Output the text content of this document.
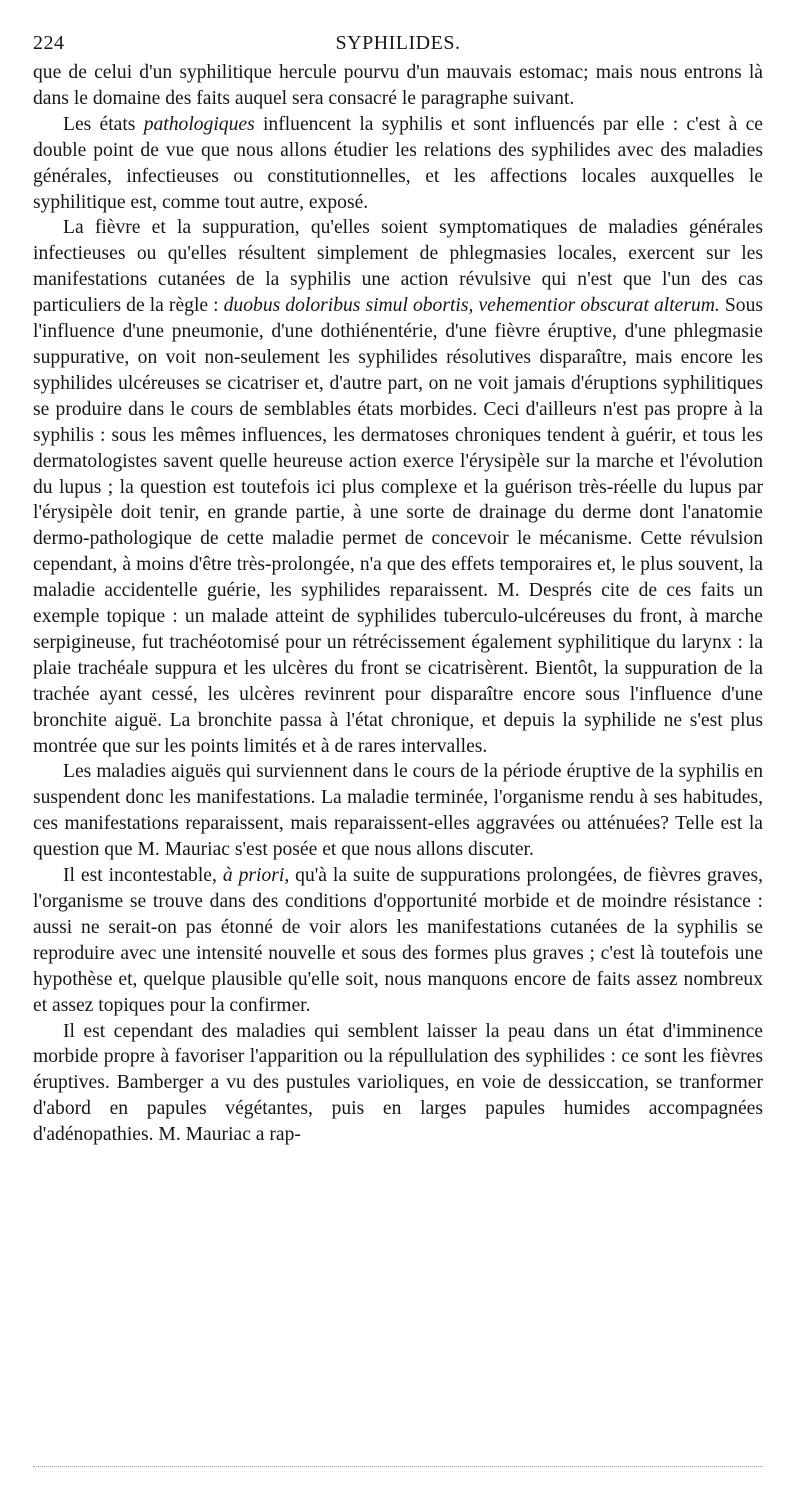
224	SYPHILIDES.

que de celui d'un syphilitique hercule pourvu d'un mauvais estomac; mais nous entrons là dans le domaine des faits auquel sera consacré le paragraphe suivant.

Les états pathologiques influencent la syphilis et sont influencés par elle : c'est à ce double point de vue que nous allons étudier les relations des syphilides avec des maladies générales, infectieuses ou constitutionnelles, et les affections locales auxquelles le syphilitique est, comme tout autre, exposé.

La fièvre et la suppuration, qu'elles soient symptomatiques de maladies générales infectieuses ou qu'elles résultent simplement de phlegmasies locales, exercent sur les manifestations cutanées de la syphilis une action révulsive qui n'est que l'un des cas particuliers de la règle : duobus doloribus simul obortis, vehementior obscurat alterum. Sous l'influence d'une pneumonie, d'une dothiénentérie, d'une fièvre éruptive, d'une phlegmasie suppurative, on voit non-seulement les syphilides résolutives disparaître, mais encore les syphilides ulcéreuses se cicatriser et, d'autre part, on ne voit jamais d'éruptions syphilitiques se produire dans le cours de semblables états morbides. Ceci d'ailleurs n'est pas propre à la syphilis : sous les mêmes influences, les dermatoses chroniques tendent à guérir, et tous les dermatologistes savent quelle heureuse action exerce l'érysipèle sur la marche et l'évolution du lupus ; la question est toutefois ici plus complexe et la guérison très-réelle du lupus par l'érysipèle doit tenir, en grande partie, à une sorte de drainage du derme dont l'anatomie dermo-pathologique de cette maladie permet de concevoir le mécanisme. Cette révulsion cependant, à moins d'être très-prolongée, n'a que des effets temporaires et, le plus souvent, la maladie accidentelle guérie, les syphilides reparaissent. M. Després cite de ces faits un exemple topique : un malade atteint de syphilides tuberculo-ulcéreuses du front, à marche serpigineuse, fut trachéotomisé pour un rétrécissement également syphilitique du larynx : la plaie trachéale suppura et les ulcères du front se cicatrisèrent. Bientôt, la suppuration de la trachée ayant cessé, les ulcères revinrent pour disparaître encore sous l'influence d'une bronchite aiguë. La bronchite passa à l'état chronique, et depuis la syphilide ne s'est plus montrée que sur les points limités et à de rares intervalles.

Les maladies aiguës qui surviennent dans le cours de la période éruptive de la syphilis en suspendent donc les manifestations. La maladie terminée, l'organisme rendu à ses habitudes, ces manifestations reparaissent, mais reparaissent-elles aggravées ou atténuées? Telle est la question que M. Mauriac s'est posée et que nous allons discuter.

Il est incontestable, à priori, qu'à la suite de suppurations prolongées, de fièvres graves, l'organisme se trouve dans des conditions d'opportunité morbide et de moindre résistance : aussi ne serait-on pas étonné de voir alors les manifestations cutanées de la syphilis se reproduire avec une intensité nouvelle et sous des formes plus graves ; c'est là toutefois une hypothèse et, quelque plausible qu'elle soit, nous manquons encore de faits assez nombreux et assez topiques pour la confirmer.

Il est cependant des maladies qui semblent laisser la peau dans un état d'imminence morbide propre à favoriser l'apparition ou la répullulation des syphilides : ce sont les fièvres éruptives. Bamberger a vu des pustules varioliques, en voie de dessiccation, se tranformer d'abord en papules végétantes, puis en larges papules humides accompagnées d'adénopathies. M. Mauriac a rap-
